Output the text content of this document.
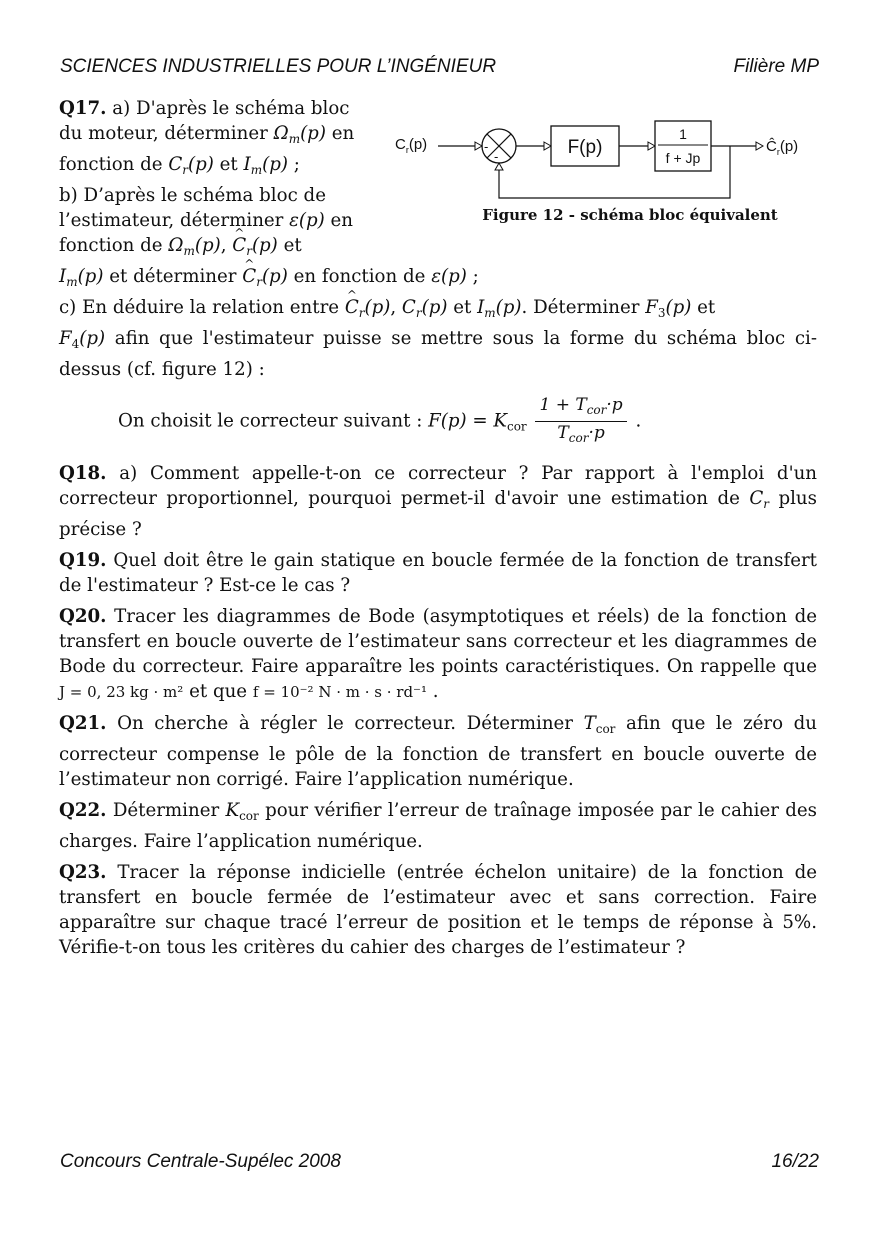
SCIENCES INDUSTRIELLES POUR L’INGÉNIEUR	Filière MP
$C_r(p)$	-
-	F(p)
1
f + Jp
$Ĉ_r(p)$
Figure 12 - schéma bloc équivalent

Q17. a) D'après le schéma bloc

du moteur, déterminer $\Omega_m(p)$ en

fonction de $C_r(p)$ et $I_m(p)$ ;

b) D’après le schéma bloc de

l’estimateur, déterminer ε(p) en

fonction de $\Omega_m(p)$, ^ $C_r(p)$ et

$I_m(p)$ et déterminer ^ $C_r(p)$ en fonction de ε(p) ;

c) En déduire la relation entre ^ $C_r(p)$, $C_r(p)$ et $I_m(p)$. Déterminer $F_3(p)$ et

$F_4(p)$ afin que l'estimateur puisse se mettre sous la forme du schéma bloc ci-dessus (cf. figure 12) :

On choisit le correcteur suivant : $F(p) = K_{cor} \frac{1 + T_{cor}\cdot p}{T_{cor}\cdot p}$ .

Q18. a) Comment appelle-t-on ce correcteur ? Par rapport à l'emploi d'un correcteur proportionnel, pourquoi permet-il d'avoir une estimation de $C_r$ plus précise ?

Q19. Quel doit être le gain statique en boucle fermée de la fonction de transfert de l'estimateur ? Est-ce le cas ?

Q20. Tracer les diagrammes de Bode (asymptotiques et réels) de la fonction de transfert en boucle ouverte de l’estimateur sans correcteur et les diagrammes de Bode du correcteur. Faire apparaître les points caractéristiques. On rappelle que J = 0, 23 kg · m² et que f = 10⁻² N · m · s · rd⁻¹ .

Q21. On cherche à régler le correcteur. Déterminer $T_{cor}$ afin que le zéro du correcteur compense le pôle de la fonction de transfert en boucle ouverte de l’estimateur non corrigé. Faire l’application numérique.

Q22. Déterminer $K_{cor}$ pour vérifier l’erreur de traînage imposée par le cahier des charges. Faire l’application numérique.

Q23. Tracer la réponse indicielle (entrée échelon unitaire) de la fonction de transfert en boucle fermée de l’estimateur avec et sans correction. Faire apparaître sur chaque tracé l’erreur de position et le temps de réponse à 5%. Vérifie-t-on tous les critères du cahier des charges de l’estimateur ?

Concours Centrale-Supélec 2008	16/22
